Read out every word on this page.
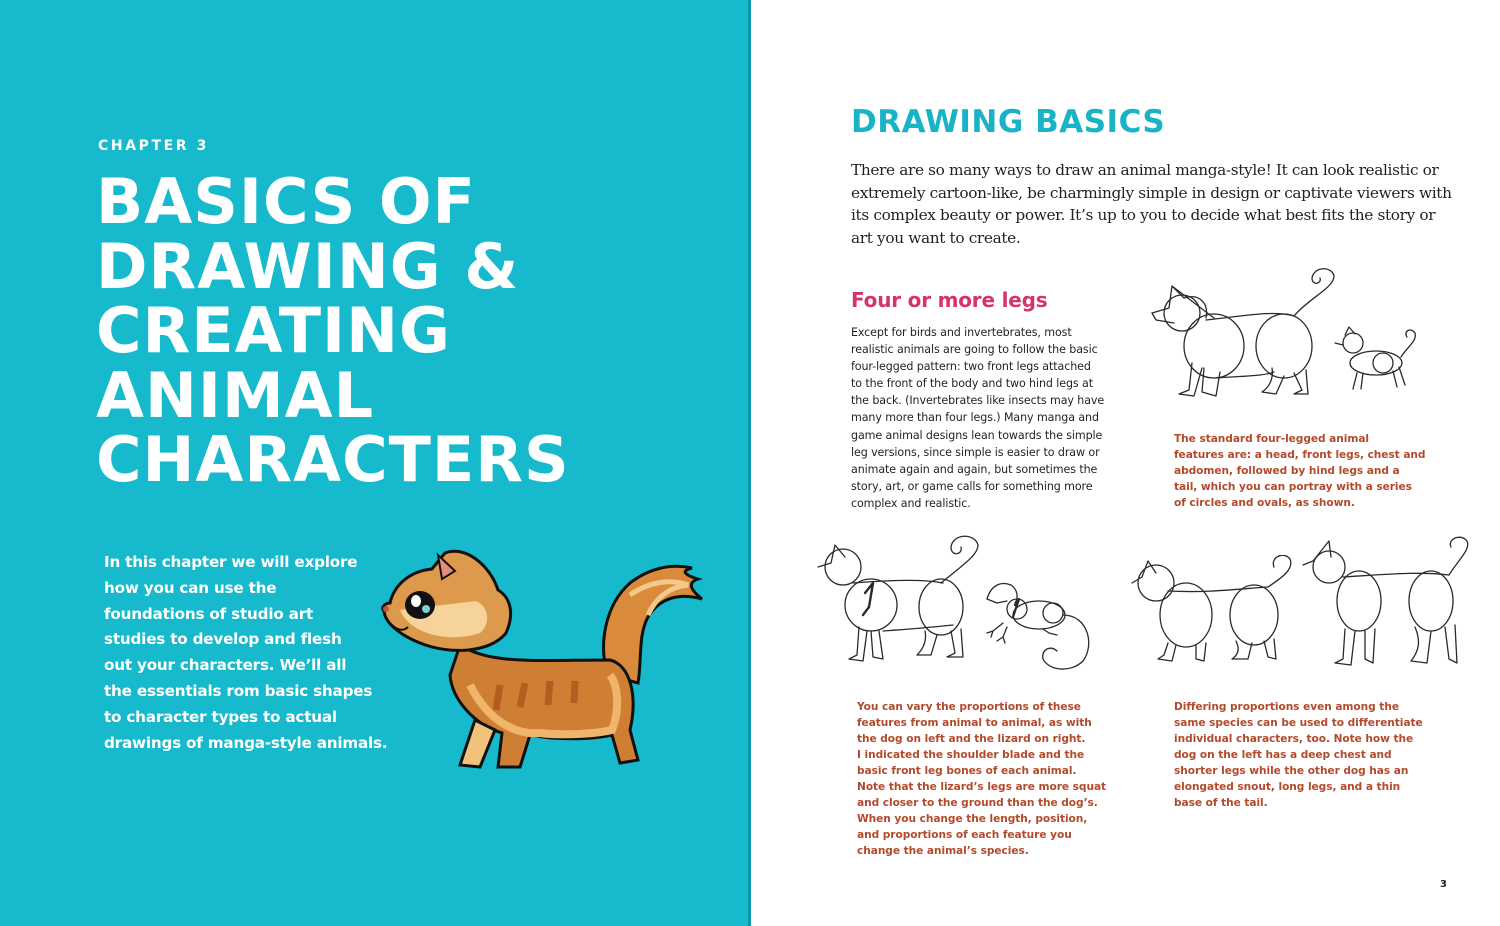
CHAPTER 3
BASICS OF
DRAWING &
CREATING
ANIMAL
CHARACTERS
In this chapter we will explore
how you can use the
foundations of studio art
studies to develop and flesh
out your characters. We’ll all
the essentials rom basic shapes
to character types to actual
drawings of manga-style animals.
DRAWING BASICS
There are so many ways to draw an animal manga-style! It can look realistic or
extremely cartoon-like, be charmingly simple in design or captivate viewers with
its complex beauty or power. It’s up to you to decide what best fits the story or
art you want to create.
Four or more legs
Except for birds and invertebrates, most
realistic animals are going to follow the basic
four-legged pattern: two front legs attached
to the front of the body and two hind legs at
the back. (Invertebrates like insects may have
many more than four legs.) Many manga and
game animal designs lean towards the simple
leg versions, since simple is easier to draw or
animate again and again, but sometimes the
story, art, or game calls for something more
complex and realistic.
The standard four-legged animal
features are: a head, front legs, chest and
abdomen, followed by hind legs and a
tail, which you can portray with a series
of circles and ovals, as shown.
You can vary the proportions of these
features from animal to animal, as with
the dog on left and the lizard on right.
I indicated the shoulder blade and the
basic front leg bones of each animal.
Note that the lizard’s legs are more squat
and closer to the ground than the dog’s.
When you change the length, position,
and proportions of each feature you
change the animal’s species.
Differing proportions even among the
same species can be used to differentiate
individual characters, too. Note how the
dog on the left has a deep chest and
shorter legs while the other dog has an
elongated snout, long legs, and a thin
base of the tail.
3
